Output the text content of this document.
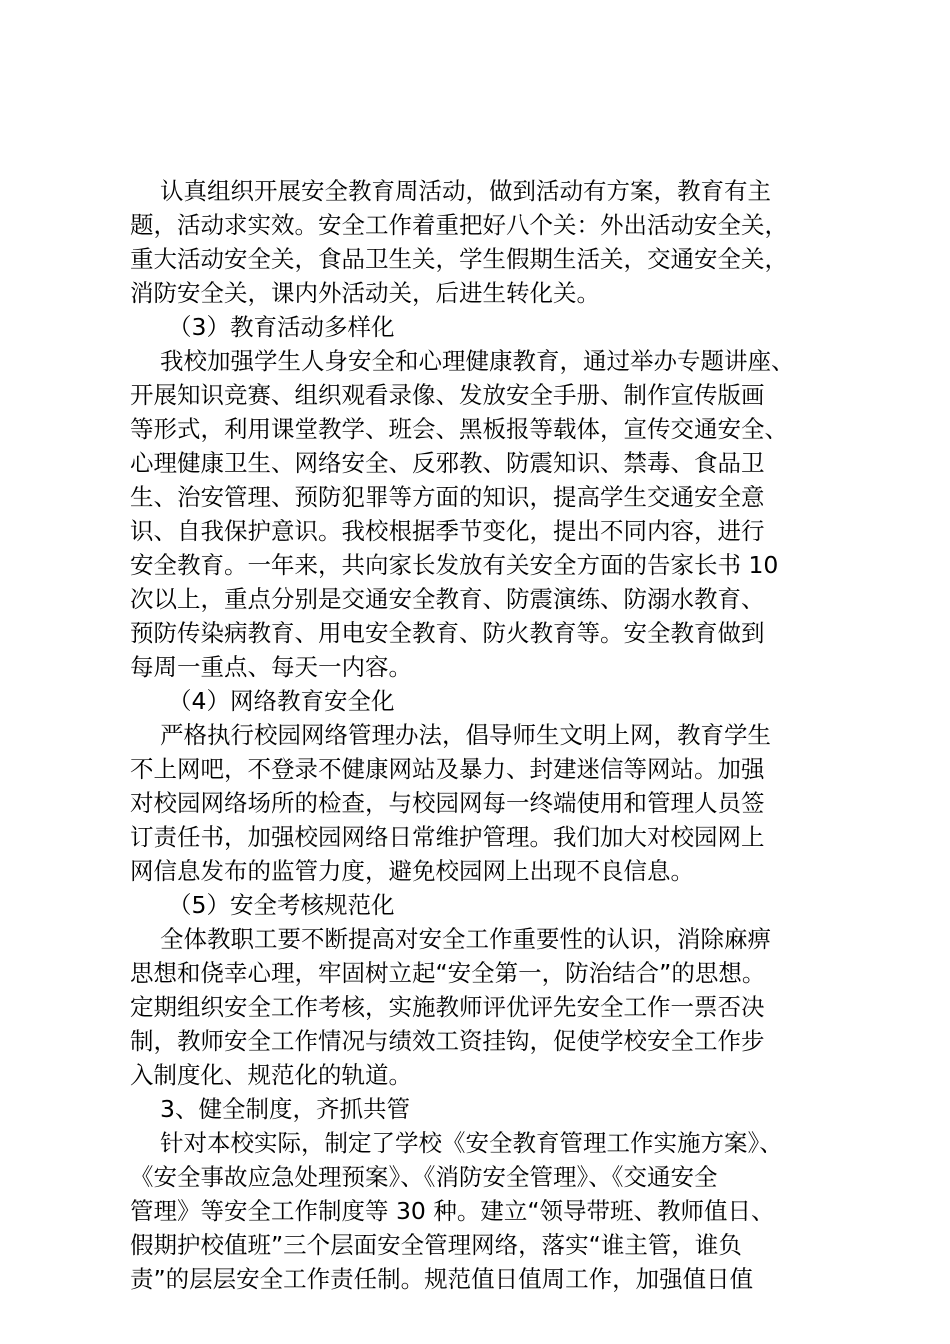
认真组织开展安全教育周活动，做到活动有方案，教育有主
题，活动求实效。安全工作着重把好八个关：外出活动安全关，
重大活动安全关，食品卫生关，学生假期生活关，交通安全关，
消防安全关，课内外活动关，后进生转化关。
（3）教育活动多样化
我校加强学生人身安全和心理健康教育，通过举办专题讲座、
开展知识竞赛、组织观看录像、发放安全手册、制作宣传版画
等形式，利用课堂教学、班会、黑板报等载体，宣传交通安全、
心理健康卫生、网络安全、反邪教、防震知识、禁毒、食品卫
生、治安管理、预防犯罪等方面的知识，提高学生交通安全意
识、自我保护意识。我校根据季节变化，提出不同内容，进行
安全教育。一年来，共向家长发放有关安全方面的告家长书 10
次以上，重点分别是交通安全教育、防震演练、防溺水教育、
预防传染病教育、用电安全教育、防火教育等。安全教育做到
每周一重点、每天一内容。
（4）网络教育安全化
严格执行校园网络管理办法，倡导师生文明上网，教育学生
不上网吧，不登录不健康网站及暴力、封建迷信等网站。加强
对校园网络场所的检查，与校园网每一终端使用和管理人员签
订责任书，加强校园网络日常维护管理。我们加大对校园网上
网信息发布的监管力度，避免校园网上出现不良信息。
（5）安全考核规范化
全体教职工要不断提高对安全工作重要性的认识，消除麻痹
思想和侥幸心理，牢固树立起“安全第一，防治结合”的思想。
定期组织安全工作考核，实施教师评优评先安全工作一票否决
制，教师安全工作情况与绩效工资挂钩，促使学校安全工作步
入制度化、规范化的轨道。
3、健全制度，齐抓共管
针对本校实际，制定了学校《安全教育管理工作实施方案》、
《安全事故应急处理预案》、《消防安全管理》、《交通安全
管理》等安全工作制度等 30 种。建立“领导带班、教师值日、
假期护校值班”三个层面安全管理网络，落实“谁主管，谁负
责”的层层安全工作责任制。规范值日值周工作，加强值日值
